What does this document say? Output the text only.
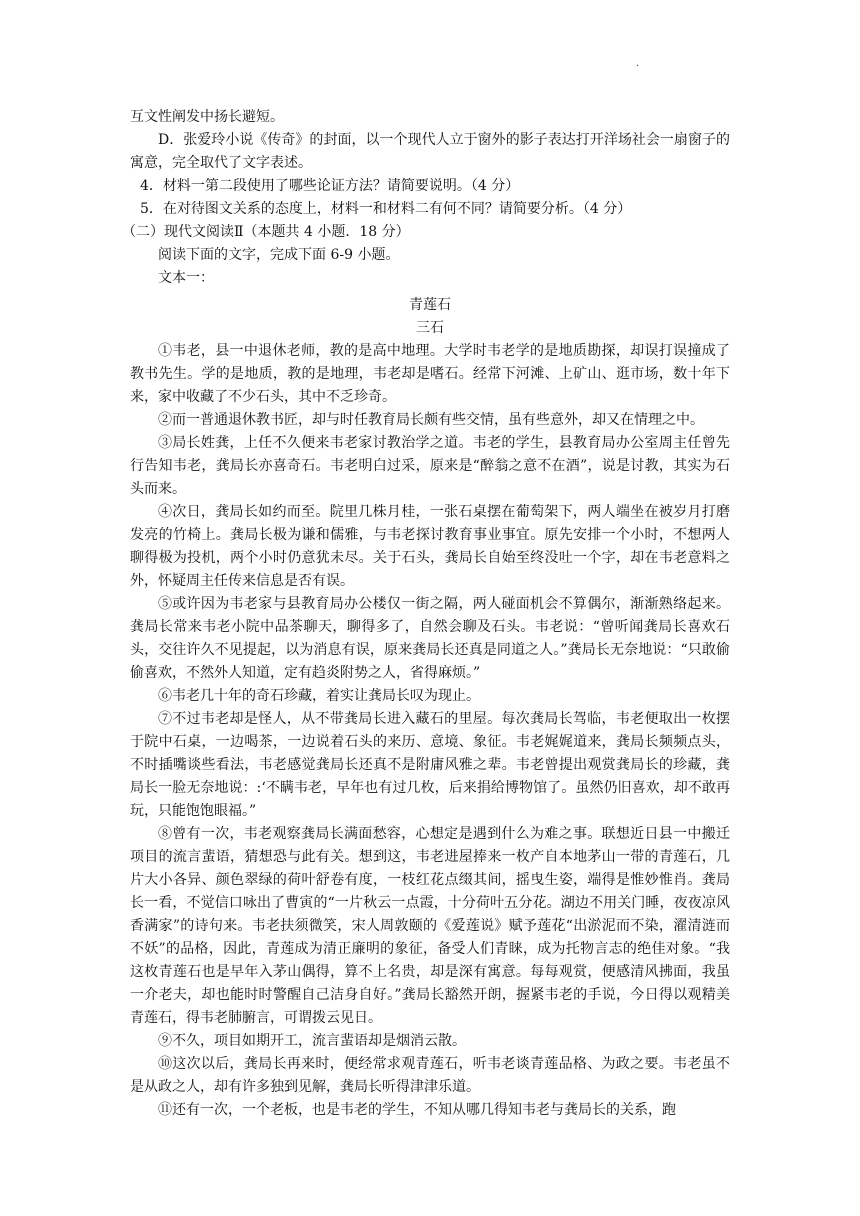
·

互文性阐发中扬长避短。

D．张爱玲小说《传奇》的封面，以一个现代人立于窗外的影子表达打开洋场社会一扇窗子的寓意，完全取代了文字表述。

4．材料一第二段使用了哪些论证方法？请简要说明。（4 分）

5．在对待图文关系的态度上，材料一和材料二有何不同？请简要分析。（4 分）

（二）现代文阅读Ⅱ（本题共 4 小题．18 分）

阅读下面的文字，完成下面 6-9 小题。

文本一：

青莲石

三石

①韦老，县一中退休老师，教的是高中地理。大学时韦老学的是地质勘探，却误打误撞成了教书先生。学的是地质，教的是地理，韦老却是嗜石。经常下河滩、上矿山、逛市场，数十年下来，家中收藏了不少石头，其中不乏珍奇。

②而一普通退休教书匠，却与时任教育局长颇有些交情，虽有些意外，却又在情理之中。

③局长姓龚，上任不久便来韦老家讨教治学之道。韦老的学生，县教育局办公室周主任曾先行告知韦老，龚局长亦喜奇石。韦老明白过采，原来是“醉翁之意不在酒”，说是讨教，其实为石头而来。

④次日，龚局长如约而至。院里几株月桂，一张石桌摆在葡萄架下，两人端坐在被岁月打磨发亮的竹椅上。龚局长极为谦和儒雅，与韦老探讨教育事业事宜。原先安排一个小时，不想两人聊得极为投机，两个小时仍意犹未尽。关于石头，龚局长自始至终没吐一个字，却在韦老意料之外，怀疑周主任传来信息是否有误。

⑤或许因为韦老家与县教育局办公楼仅一街之隔，两人碰面机会不算偶尔，渐渐熟络起来。龚局长常来韦老小院中品茶聊天，聊得多了，自然会聊及石头。韦老说：“曾听闻龚局长喜欢石头，交往许久不见提起，以为消息有误，原来龚局长还真是同道之人。”龚局长无奈地说：“只敢偷偷喜欢，不然外人知道，定有趋炎附势之人，省得麻烦。”

⑥韦老几十年的奇石珍藏，着实让龚局长叹为现止。

⑦不过韦老却是怪人，从不带龚局长进入藏石的里屋。每次龚局长驾临，韦老便取出一枚摆于院中石桌，一边喝茶，一边说着石头的来历、意境、象征。韦老娓娓道来，龚局长频频点头，不时插嘴谈些看法，韦老感觉龚局长还真不是附庸风雅之辈。韦老曾提出观赏龚局长的珍藏，龚局长一脸无奈地说：:‘不瞒韦老，早年也有过几枚，后来捐给博物馆了。虽然仍旧喜欢，却不敢再玩，只能饱饱眼福。”

⑧曾有一次，韦老观察龚局长满面愁容，心想定是遇到什么为难之事。联想近日县一中搬迁项目的流言蜚语，猜想恐与此有关。想到这，韦老进屋捧来一枚产自本地茅山一带的青莲石，几片大小各异、颜色翠绿的荷叶舒卷有度，一枝红花点缀其间，摇曳生姿，端得是惟妙惟肖。龚局长一看，不觉信口咏出了曹寅的“一片秋云一点霞，十分荷叶五分花。湖边不用关门睡，夜夜凉风香满家”的诗句来。韦老扶须微笑，宋人周敦颐的《爱莲说》赋予莲花“出淤泥而不染，濯清涟而不妖”的品格，因此，青莲成为清正廉明的象征，备受人们青睐，成为托物言志的绝佳对象。“我这枚青莲石也是早年入茅山偶得，算不上名贵，却是深有寓意。每每观赏，便感清风拂面，我虽一介老夫，却也能时时警醒自己洁身自好。”龚局长豁然开朗，握紧韦老的手说，今日得以观精美青莲石，得韦老肺腑言，可谓拨云见日。

⑨不久，项目如期开工，流言蜚语却是烟消云散。

⑩这次以后，龚局长再来时，便经常求观青莲石，听韦老谈青莲品格、为政之要。韦老虽不是从政之人，却有许多独到见解，龚局长听得津津乐道。

⑪还有一次，一个老板，也是韦老的学生，不知从哪几得知韦老与龚局长的关系，跑
